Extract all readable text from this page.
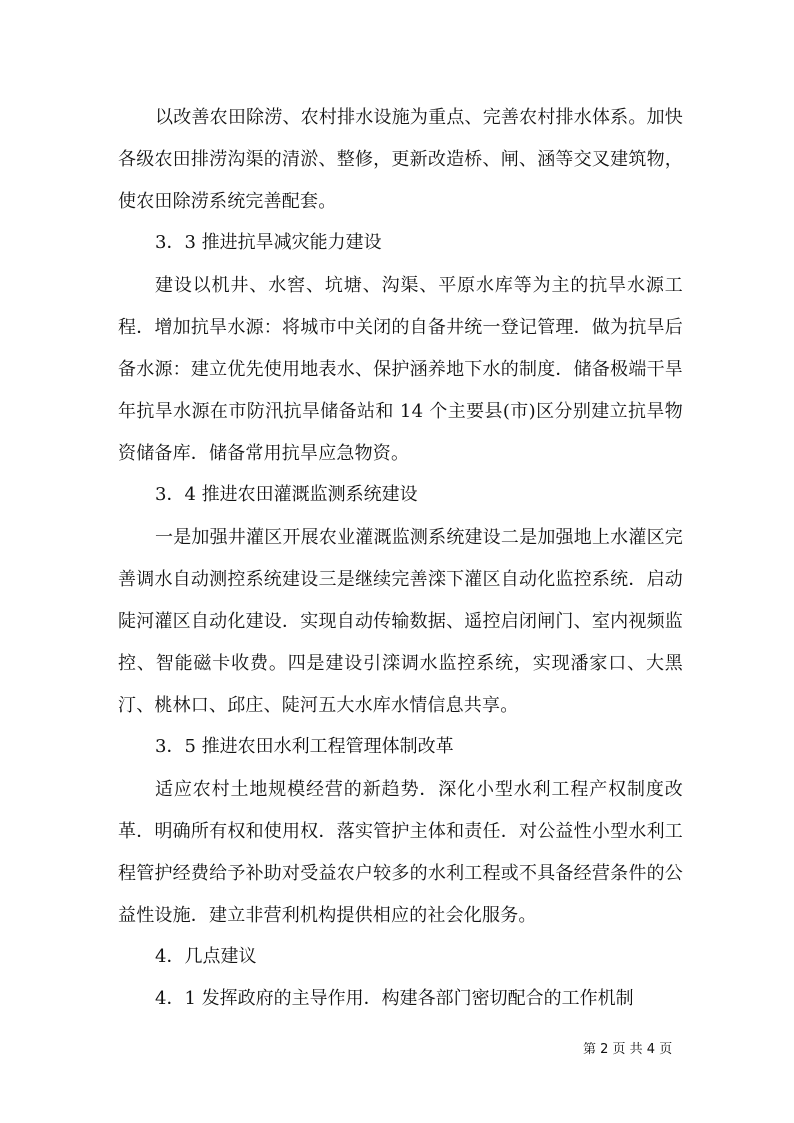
以改善农田除涝、农村排水设施为重点、完善农村排水体系。加快各级农田排涝沟渠的清淤、整修，更新改造桥、闸、涵等交叉建筑物，使农田除涝系统完善配套。

3．3 推进抗旱减灾能力建设

建设以机井、水窖、坑塘、沟渠、平原水库等为主的抗旱水源工程．增加抗旱水源：将城市中关闭的自备井统一登记管理．做为抗旱后备水源：建立优先使用地表水、保护涵养地下水的制度．储备极端干旱年抗旱水源在市防汛抗旱储备站和 14 个主要县(市)区分别建立抗旱物资储备库．储备常用抗旱应急物资。

3．4 推进农田灌溉监测系统建设

一是加强井灌区开展农业灌溉监测系统建设二是加强地上水灌区完善调水自动测控系统建设三是继续完善滦下灌区自动化监控系统．启动陡河灌区自动化建设．实现自动传输数据、遥控启闭闸门、室内视频监控、智能磁卡收费。四是建设引滦调水监控系统，实现潘家口、大黑汀、桃林口、邱庄、陡河五大水库水情信息共享。

3．5 推进农田水利工程管理体制改革

适应农村土地规模经营的新趋势．深化小型水利工程产权制度改革．明确所有权和使用权．落实管护主体和责任．对公益性小型水利工程管护经费给予补助对受益农户较多的水利工程或不具备经营条件的公益性设施．建立非营利机构提供相应的社会化服务。

4．几点建议

4．1 发挥政府的主导作用．构建各部门密切配合的工作机制

第 2 页 共 4 页
